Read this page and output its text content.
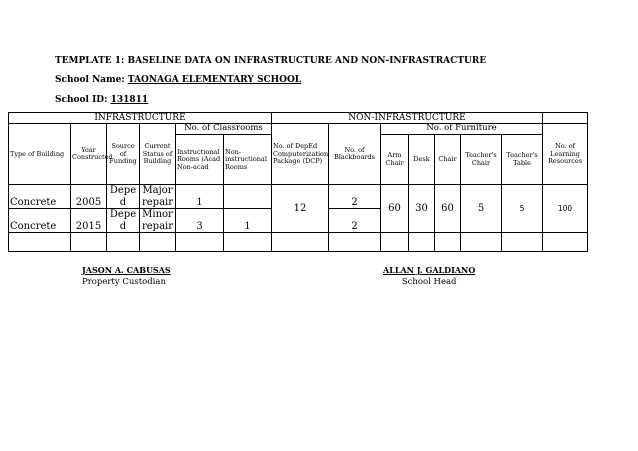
TEMPLATE 1: BASELINE DATA ON INFRASTRUCTURE AND NON-INFRASTRACTURE
School Name: TAONAGA ELEMENTARY SCHOOL
School ID: 131811
INFRASTRUCTURE						NON-INFRASTRUCTURE							
Type of Building	Year Constructed	Source of Funding	Current Status of Building	No. of Classrooms		No. of DepEd Computerization Package (DCP)	No. of Blackboards	No. of Furniture					No. of Learning Resources
				Instructional Rooms (Acad Non-acad	Non-instructional Rooms			Arm Chair	Desk	Chair	Teacher's Chair	Teacher's Table	
Concrete	2005	Deped	Major repair	1		12	2	60	30	60	5	5	100
Concrete	2015	Deped	Minor repair	3	1		2						

JASON A. CABUSAS
Property Custodian
ALLAN J. GALDIANO
School Head
